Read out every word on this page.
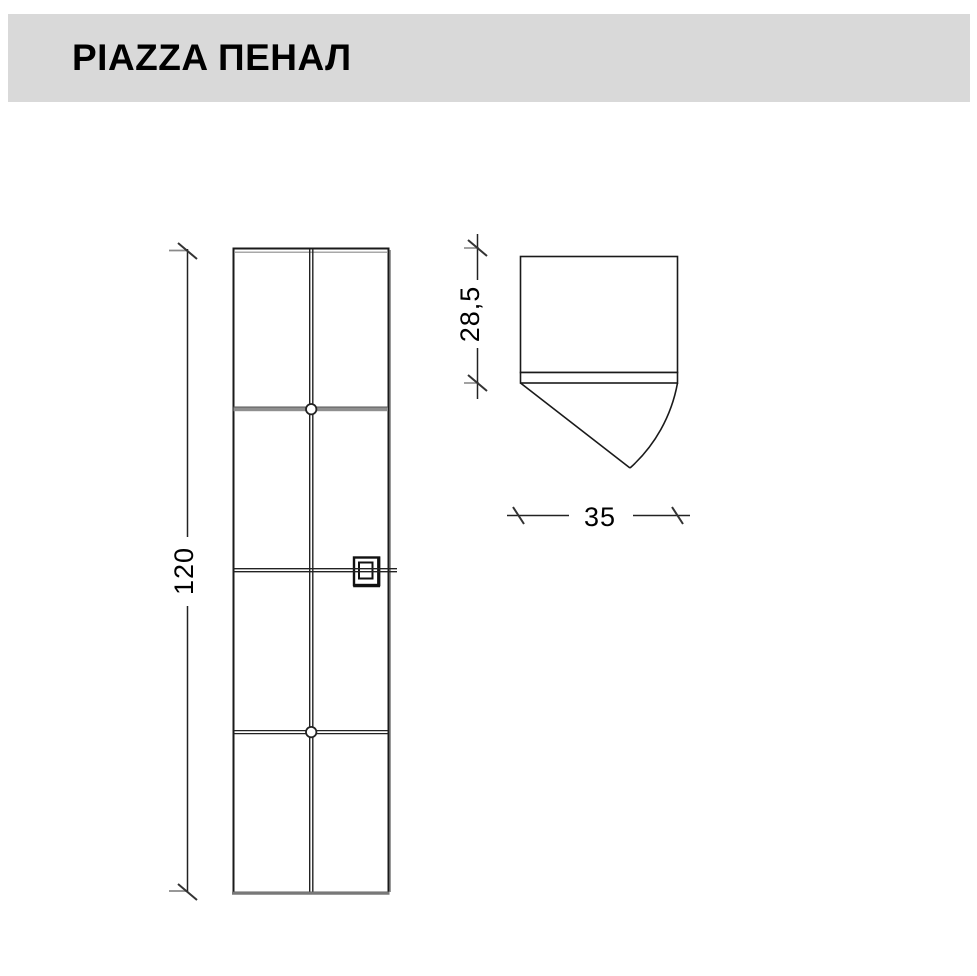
PIAZZA ПЕНАЛ
120
28,5
35
